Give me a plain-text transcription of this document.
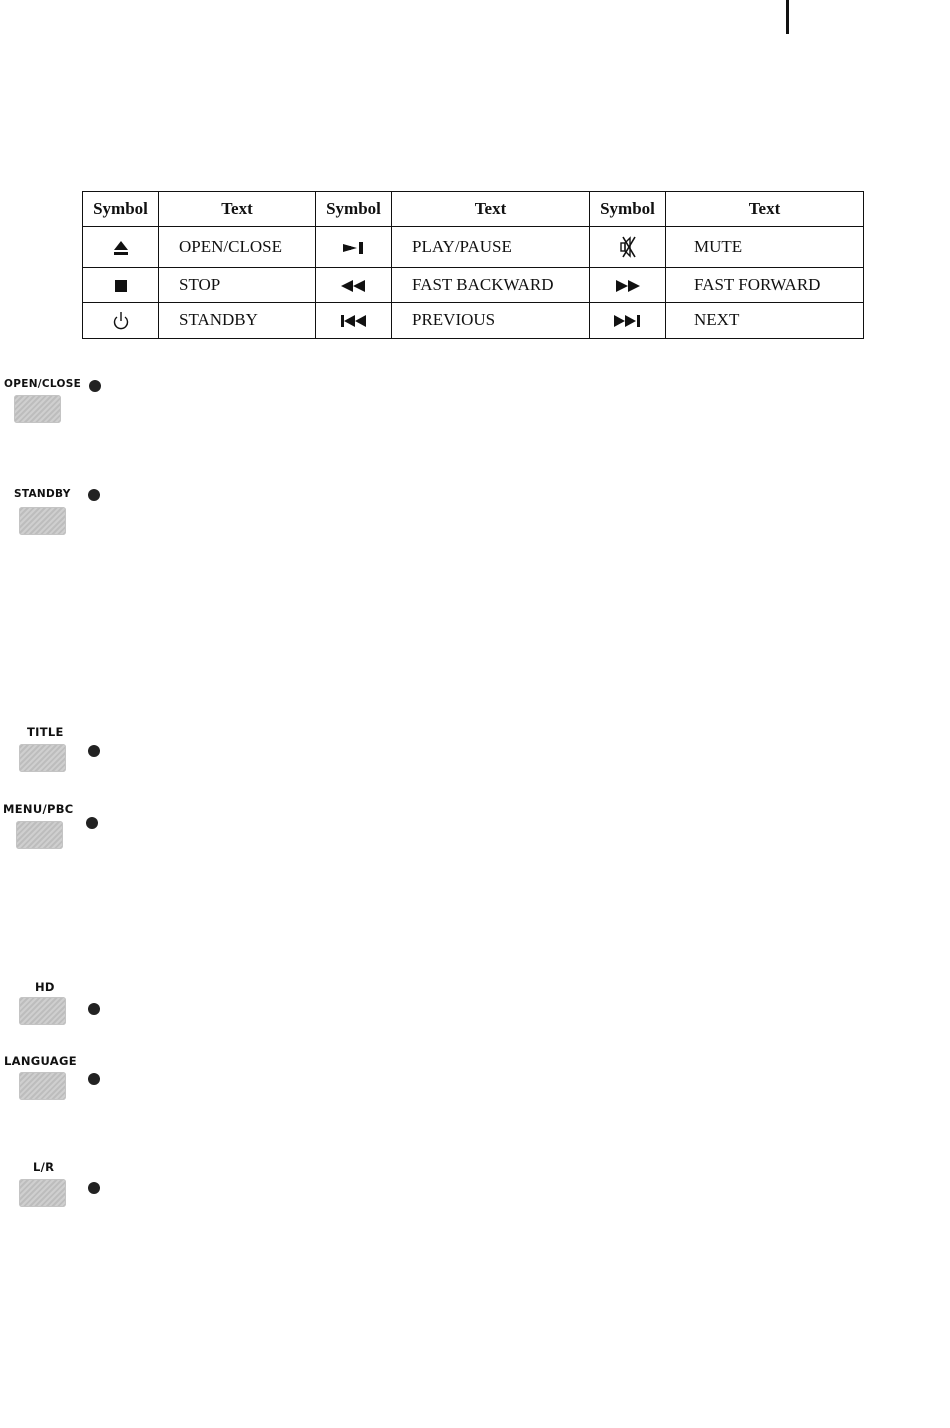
Symbol	Text	Symbol	Text	Symbol	Text
	OPEN/CLOSE		PLAY/PAUSE		MUTE
	STOP		FAST BACKWARD		FAST FORWARD
	STANDBY		PREVIOUS		NEXT
OPEN/CLOSE
STANDBY
TITLE
MENU/PBC
HD
LANGUAGE
L/R
